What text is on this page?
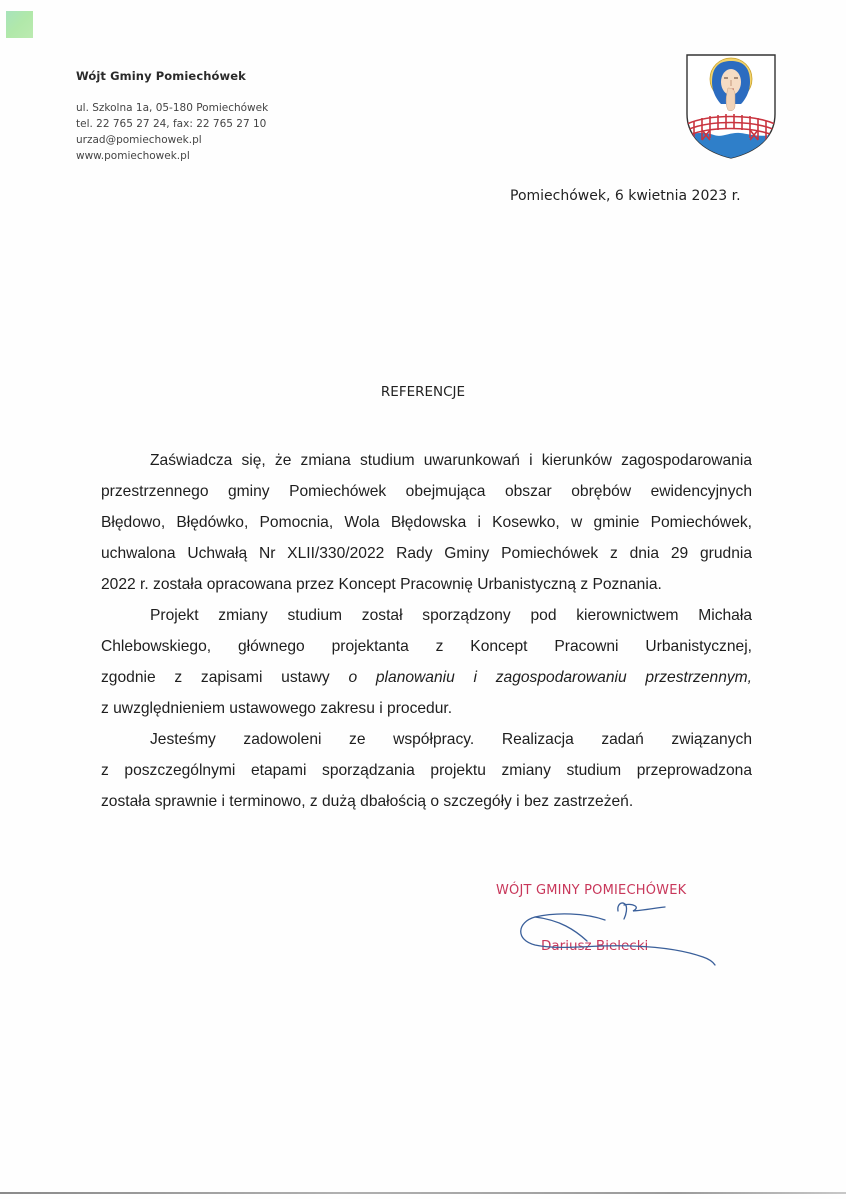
Wójt Gminy Pomiechówek
ul. Szkolna 1a, 05-180 Pomiechówek
tel. 22 765 27 24, fax: 22 765 27 10
urzad@pomiechowek.pl
www.pomiechowek.pl
Pomiechówek, 6 kwietnia 2023 r.
REFERENCJE
Zaświadcza się, że zmiana studium uwarunkowań i kierunków zagospodarowania
przestrzennego gminy Pomiechówek obejmująca obszar obrębów ewidencyjnych
Błędowo, Błędówko, Pomocnia, Wola Błędowska i Kosewko, w gminie Pomiechówek,
uchwalona Uchwałą Nr XLII/330/2022 Rady Gminy Pomiechówek z dnia 29 grudnia
2022 r. została opracowana przez Koncept Pracownię Urbanistyczną z Poznania.
Projekt zmiany studium został sporządzony pod kierownictwem Michała
Chlebowskiego, głównego projektanta z Koncept Pracowni Urbanistycznej,
zgodnie z zapisami ustawy o planowaniu i zagospodarowaniu przestrzennym,
z uwzględnieniem ustawowego zakresu i procedur.
Jesteśmy zadowoleni ze współpracy. Realizacja zadań związanych
z poszczególnymi etapami sporządzania projektu zmiany studium przeprowadzona
została sprawnie i terminowo, z dużą dbałością o szczegóły i bez zastrzeżeń.
WÓJT GMINY POMIECHÓWEK
Dariusz Bielecki
